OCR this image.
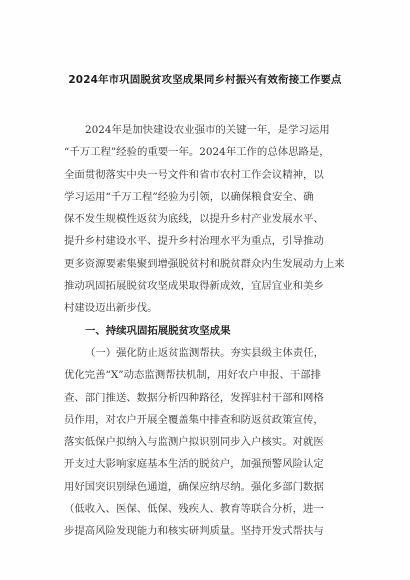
2024年市巩固脱贫攻坚成果同乡村振兴有效衔接工作要点
2024年是加快建设农业强市的关键一年，是学习运用
“千万工程”经验的重要一年。2024年工作的总体思路是，
全面贯彻落实中央一号文件和省市农村工作会议精神，以
学习运用“千万工程”经验为引领，以确保粮食安全、确
保不发生规模性返贫为底线，以提升乡村产业发展水平、
提升乡村建设水平、提升乡村治理水平为重点，引导推动
更多资源要素集聚到增强脱贫村和脱贫群众内生发展动力上来
推动巩固拓展脱贫攻坚成果取得新成效，宜居宜业和美乡
村建设迈出新步伐。
一、持续巩固拓展脱贫攻坚成果
（一）强化防止返贫监测帮扶。夯实县级主体责任，
优化完善“X”动态监测帮扶机制，用好农户申报、干部排
查、部门推送、数据分析四种路径，发挥驻村干部和网格
员作用，对农户开展全覆盖集中排查和防返贫政策宣传，
落实低保户拟纳入与监测户拟识别同步入户核实。对就医
开支过大影响家庭基本生活的脱贫户，加强预警风险认定
用好国突识别绿色通道，确保应纳尽纳。强化多部门数据
（低收入、医保、低保、残疾人、教育等联合分析，进一
步提高风险发现能力和核实研判质量。坚持开发式帮扶与
